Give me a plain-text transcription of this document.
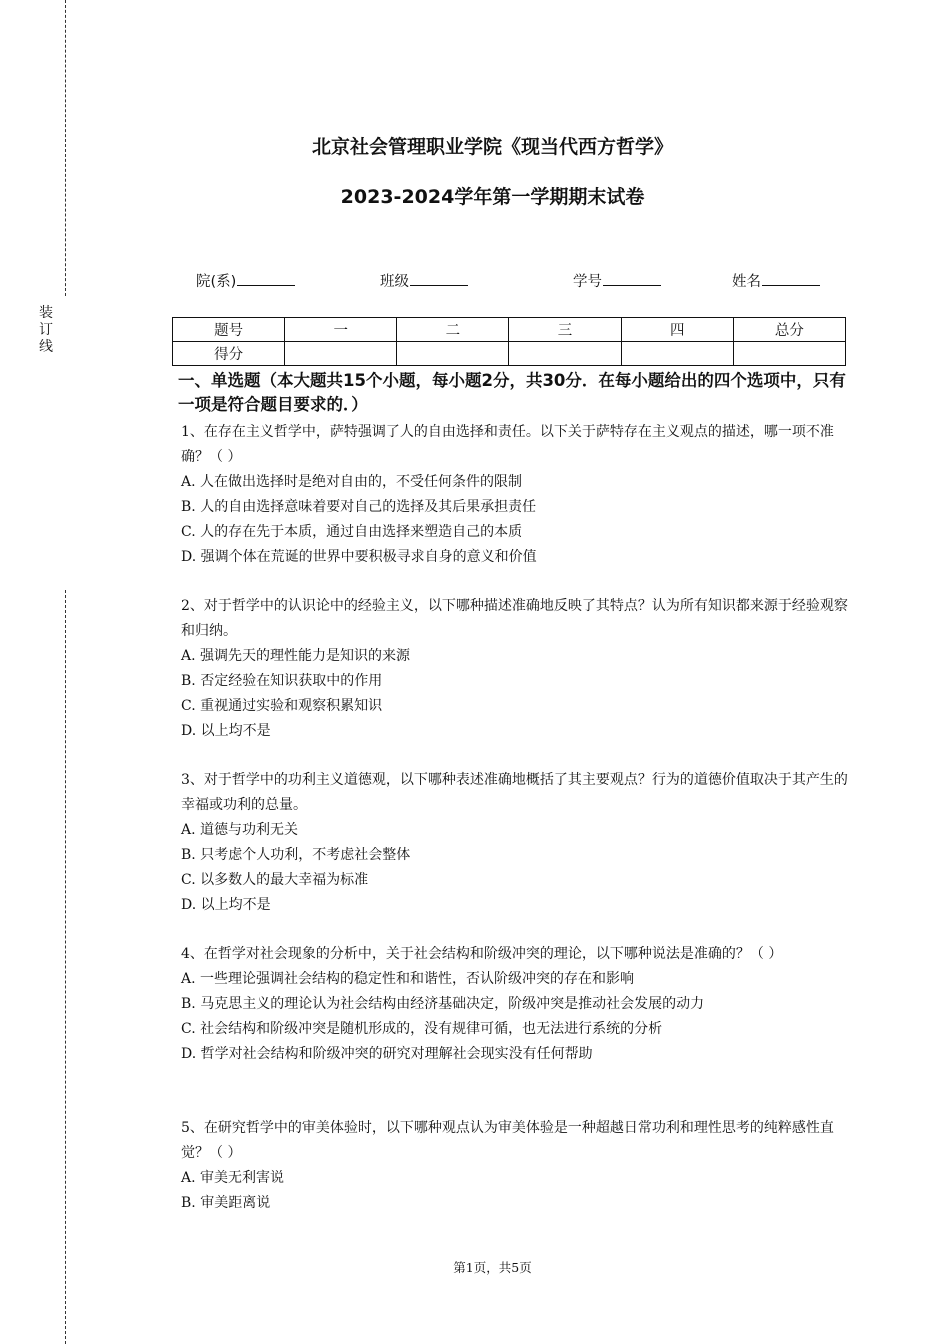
装
订
线
北京社会管理职业学院《现当代西方哲学》
2023-2024学年第一学期期末试卷
院(系)	班级	学号	姓名
题号	一	二	三	四	总分
得分					
一、单选题（本大题共15个小题，每小题2分，共30分．在每小题给出的四个选项中，只有一项是符合题目要求的．）
1、在存在主义哲学中，萨特强调了人的自由选择和责任。以下关于萨特存在主义观点的描述，哪一项不准确？（ ）
A. 人在做出选择时是绝对自由的，不受任何条件的限制
B. 人的自由选择意味着要对自己的选择及其后果承担责任
C. 人的存在先于本质，通过自由选择来塑造自己的本质
D. 强调个体在荒诞的世界中要积极寻求自身的意义和价值
2、对于哲学中的认识论中的经验主义，以下哪种描述准确地反映了其特点？认为所有知识都来源于经验观察和归纳。
A. 强调先天的理性能力是知识的来源
B. 否定经验在知识获取中的作用
C. 重视通过实验和观察积累知识
D. 以上均不是
3、对于哲学中的功利主义道德观，以下哪种表述准确地概括了其主要观点？行为的道德价值取决于其产生的幸福或功利的总量。
A. 道德与功利无关
B. 只考虑个人功利，不考虑社会整体
C. 以多数人的最大幸福为标准
D. 以上均不是
4、在哲学对社会现象的分析中，关于社会结构和阶级冲突的理论，以下哪种说法是准确的？（ ）
A. 一些理论强调社会结构的稳定性和和谐性，否认阶级冲突的存在和影响
B. 马克思主义的理论认为社会结构由经济基础决定，阶级冲突是推动社会发展的动力
C. 社会结构和阶级冲突是随机形成的，没有规律可循，也无法进行系统的分析
D. 哲学对社会结构和阶级冲突的研究对理解社会现实没有任何帮助
5、在研究哲学中的审美体验时，以下哪种观点认为审美体验是一种超越日常功利和理性思考的纯粹感性直觉？（ ）
A. 审美无利害说
B. 审美距离说
第1页，共5页
